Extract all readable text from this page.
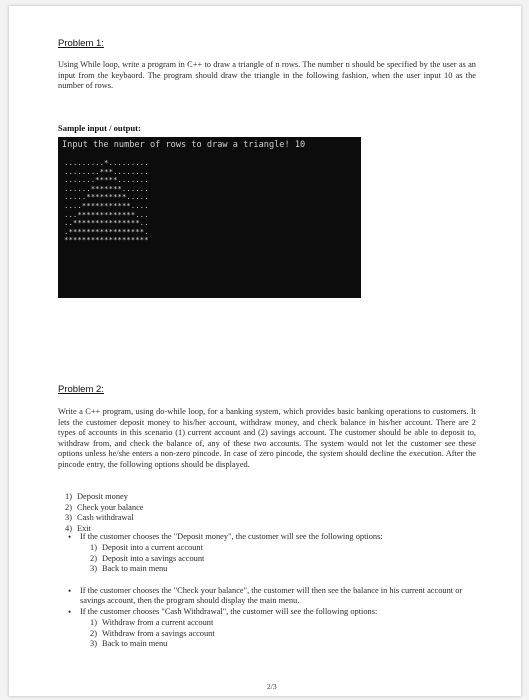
Problem 1:

Using While loop, write a program in C++ to draw a triangle of n rows. The number n should be specified by the user as an input from the keybaord. The program should draw the triangle in the following fashion, when the user input 10 as the number of rows.

Sample input / output:
Input the number of rows to draw a triangle! 10
.........*.........
........***........
.......*****.......
......*******......
.....*********.....
....***********....
...*************...
..***************..
.*****************.
*******************
Problem 2:

Write a C++ program, using do-while loop, for a banking system, which provides basic banking operations to customers. It lets the customer deposit money to his/her account, withdraw money, and check balance in his/her account. There are 2 types of accounts in this scenario (1) current account and (2) savings account. The customer should be able to deposit to, withdraw from, and check the balance of, any of these two accounts. The system would not let the customer see these options unless he/she enters a non-zero pincode. In case of zero pincode, the system should decline the execution. After the pincode entry, the following options should be displayed.

1) Deposit money
2) Check your balance
3) Cash withdrawal
4) Exit
• If the customer chooses the "Deposit money", the customer will see the following options:
• If the customer chooses the "Check your balance", the customer will then see the balance in his current account or savings account, then the program should display the main menu.
• If the customer chooses "Cash Withdrawal", the customer will see the following options:
1) Deposit into a current account
2) Deposit into a savings account
3) Back to main menu
1) Withdraw from a current account
2) Withdraw from a savings account
3) Back to main menu
2/3
